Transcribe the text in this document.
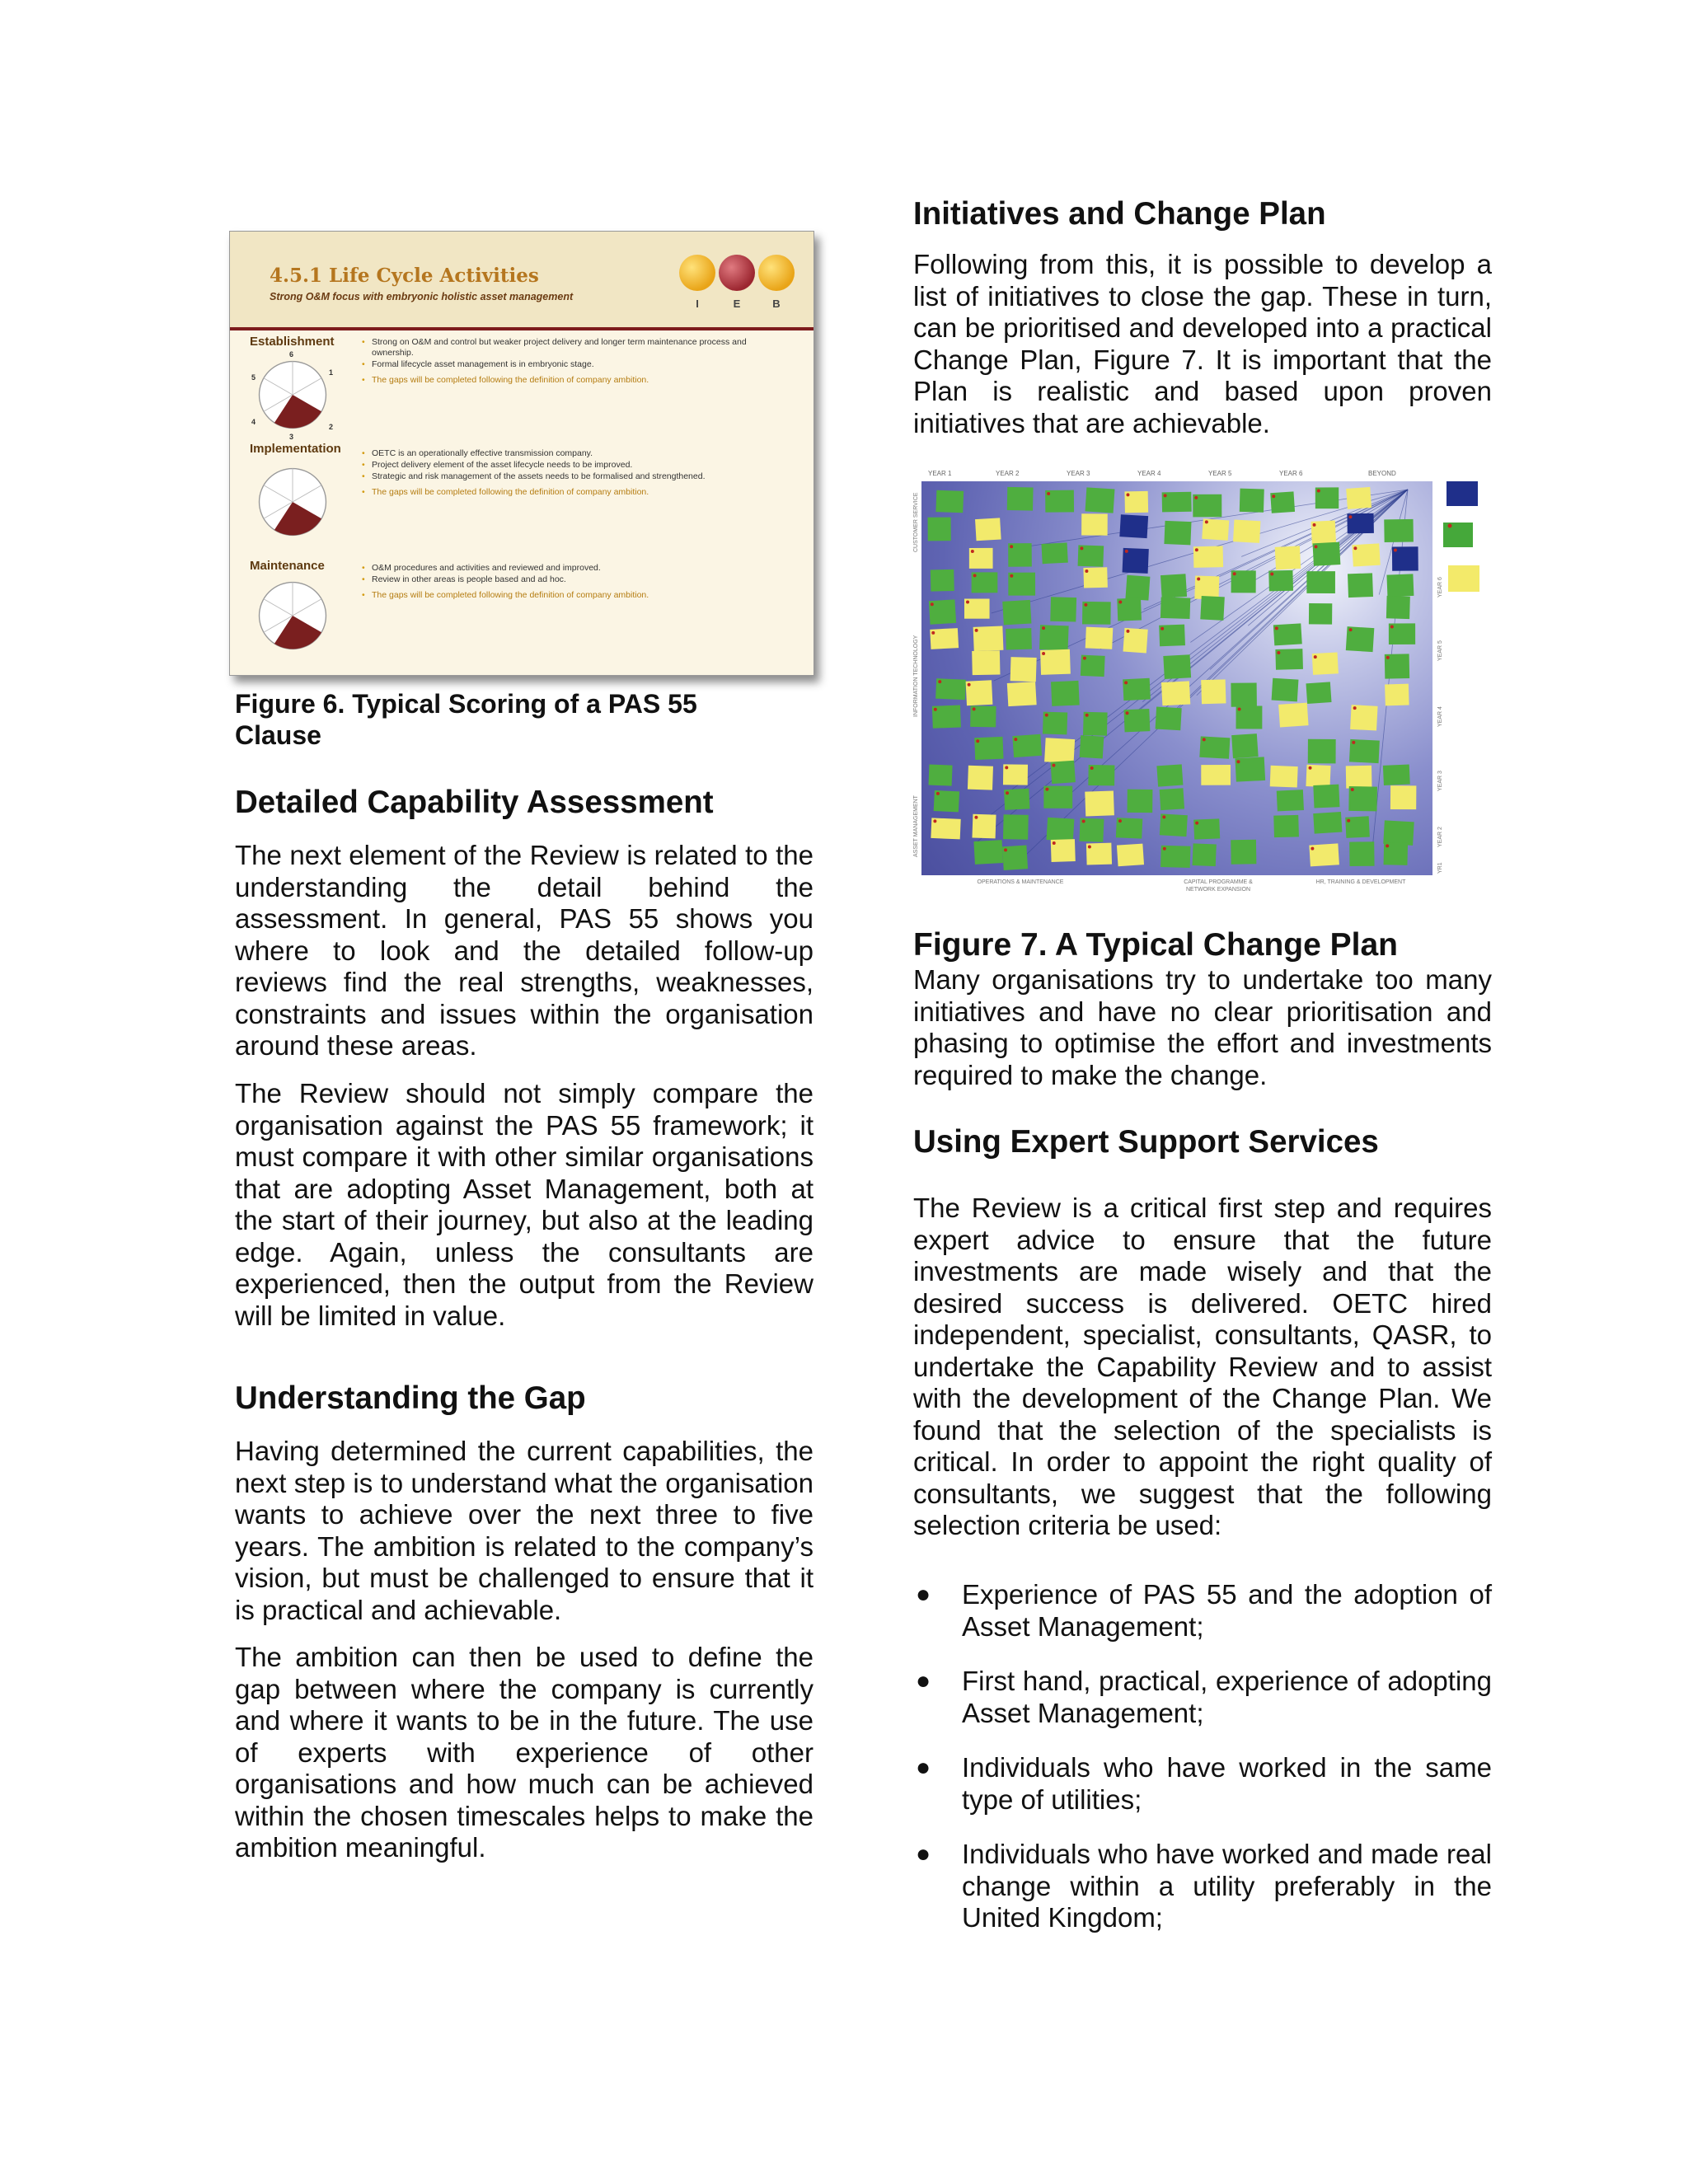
4.5.1 Life Cycle Activities
Strong O&M focus with embryonic holistic asset management
I	E	B
Establishment	• Strong on O&M and control but weaker project delivery and longer term maintenance process and ownership.
• Formal lifecycle asset management is in embryonic stage.
• The gaps will be completed following the definition of company ambition.
Implementation	• OETC is an operationally effective transmission company.
• Project delivery element of the asset lifecycle needs to be improved.
• Strategic and risk management of the assets needs to be formalised and strengthened.
• The gaps will be completed following the definition of company ambition.
Maintenance	• O&M procedures and activities and reviewed and improved.
• Review in other areas is people based and ad hoc.
• The gaps will be completed following the definition of company ambition.
6
1
2
3
4
5

Figure 6. Typical Scoring of a PAS 55 Clause

Detailed Capability Assessment

The next element of the Review is related to the understanding the detail behind the assessment. In general, PAS 55 shows you where to look and the detailed follow-up reviews find the real strengths, weaknesses, constraints and issues within the organisation around these areas.

The Review should not simply compare the organisation against the PAS 55 framework; it must compare it with other similar organisations that are adopting Asset Management, both at the start of their journey, but also at the leading edge. Again, unless the consultants are experienced, then the output from the Review will be limited in value.

Understanding the Gap

Having determined the current capabilities, the next step is to understand what the organisation wants to achieve over the next three to five years. The ambition is related to the company’s vision, but must be challenged to ensure that it is practical and achievable.

The ambition can then be used to define the gap between where the company is currently and where it wants to be in the future. The use of experts with experience of other organisations and how much can be achieved within the chosen timescales helps to make the ambition meaningful.

Initiatives and Change Plan

Following from this, it is possible to develop a list of initiatives to close the gap. These in turn, can be prioritised and developed into a practical Change Plan, Figure 7. It is important that the Plan is realistic and based upon proven initiatives that are achievable.

YEAR 1	YEAR 2	YEAR 3	YEAR 4	YEAR 5	YEAR 6	BEYOND
CUSTOMER SERVICE
INFORMATION TECHNOLOGY
ASSET MANAGEMENT
YEAR 6
YEAR 5
YEAR 4
YEAR 3
YEAR 2
YR1
OPERATIONS & MAINTENANCE	CAPITAL PROGRAMME & NETWORK EXPANSION
HR, TRAINING & DEVELOPMENT

Figure 7. A Typical Change Plan

Many organisations try to undertake too many initiatives and have no clear prioritisation and phasing to optimise the effort and investments required to make the change.

Using Expert Support Services

The Review is a critical first step and requires expert advice to ensure that the future investments are made wisely and that the desired success is delivered. OETC hired independent, specialist, consultants, QASR, to undertake the Capability Review and to assist with the development of the Change Plan. We found that the selection of the specialists is critical. In order to appoint the right quality of consultants, we suggest that the following selection criteria be used:

● Experience of PAS 55 and the adoption of Asset Management;
● First hand, practical, experience of adopting Asset Management;
● Individuals who have worked in the same type of utilities;
● Individuals who have worked and made real change within a utility preferably in the United Kingdom;
